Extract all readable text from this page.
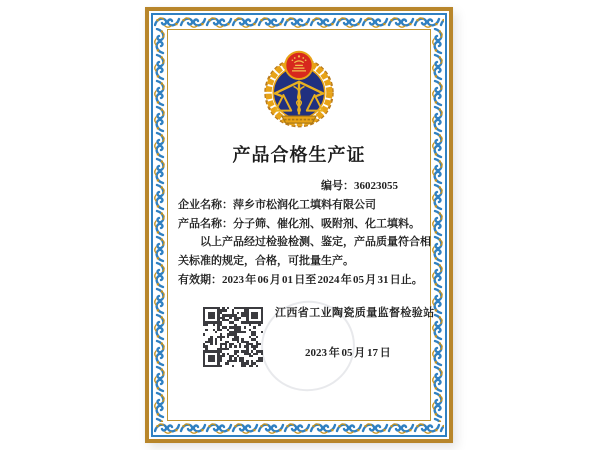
产品合格生产证
编号：36023055
企业名称：萍乡市松润化工填料有限公司
产品名称：分子筛、催化剂、吸附剂、化工填料。
以上产品经过检验检测、鉴定，产品质量符合相
关标准的规定，合格，可批量生产。
有效期：2023 年 06 月 01 日至 2024 年 05 月 31 日止。
江西省工业陶瓷质量监督检验站
2023 年 05 月 17 日
